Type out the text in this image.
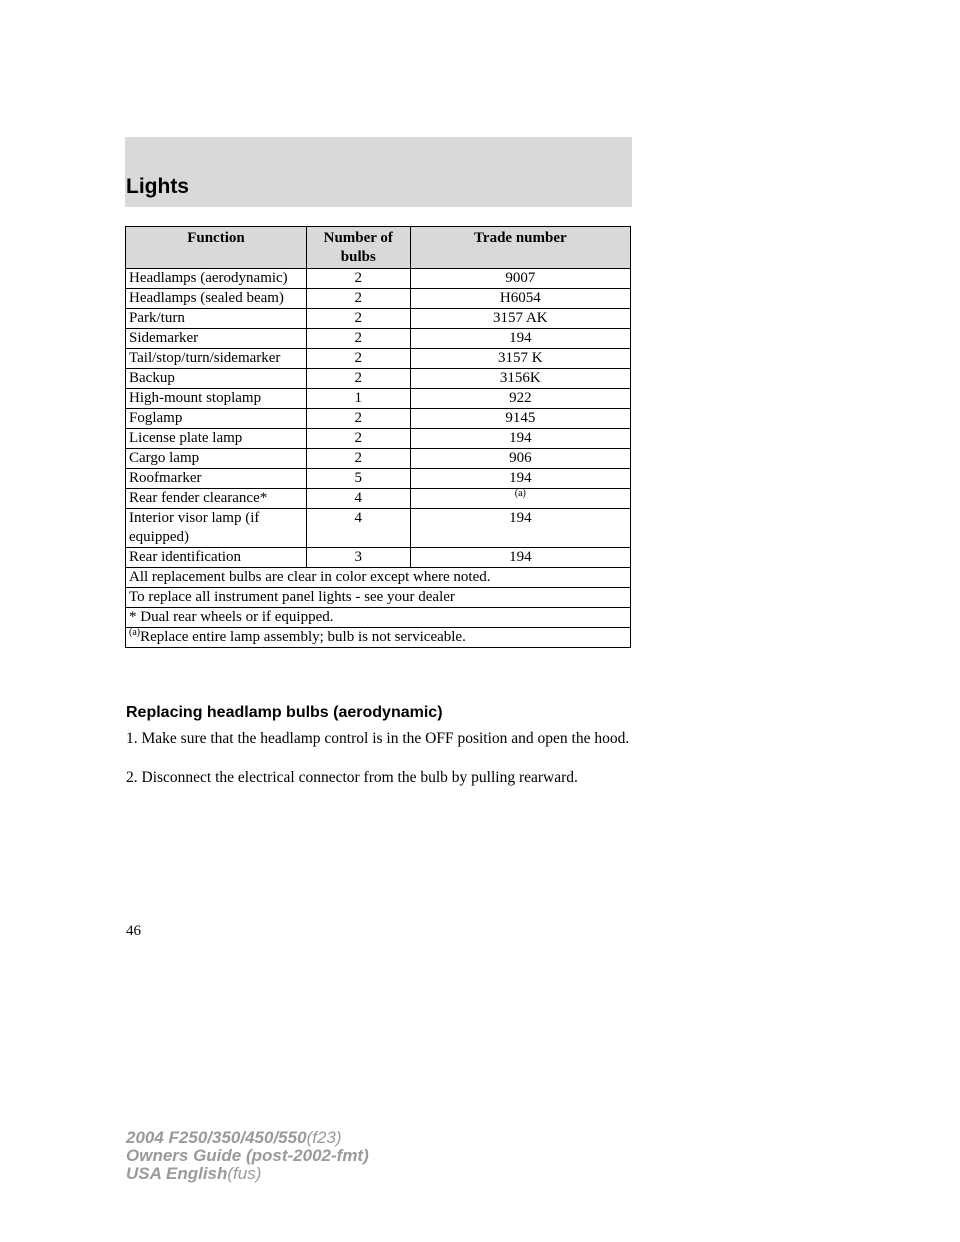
Lights
Function	Number of bulbs	Trade number
Headlamps (aerodynamic)	2	9007
Headlamps (sealed beam)	2	H6054
Park/turn	2	3157 AK
Sidemarker	2	194
Tail/stop/turn/sidemarker	2	3157 K
Backup	2	3156K
High-mount stoplamp	1	922
Foglamp	2	9145
License plate lamp	2	194
Cargo lamp	2	906
Roofmarker	5	194
Rear fender clearance*	4	$^{(a)}$
Interior visor lamp (if equipped)	4	194
Rear identification	3	194
All replacement bulbs are clear in color except where noted.		
To replace all instrument panel lights - see your dealer		
* Dual rear wheels or if equipped.		
$^{(a)}$Replace entire lamp assembly; bulb is not serviceable.		
Replacing headlamp bulbs (aerodynamic)
1. Make sure that the headlamp control is in the OFF position and open the hood.
2. Disconnect the electrical connector from the bulb by pulling rearward.
46
2004 F250/350/450/550(f23)
Owners Guide (post-2002-fmt)
USA English(fus)
